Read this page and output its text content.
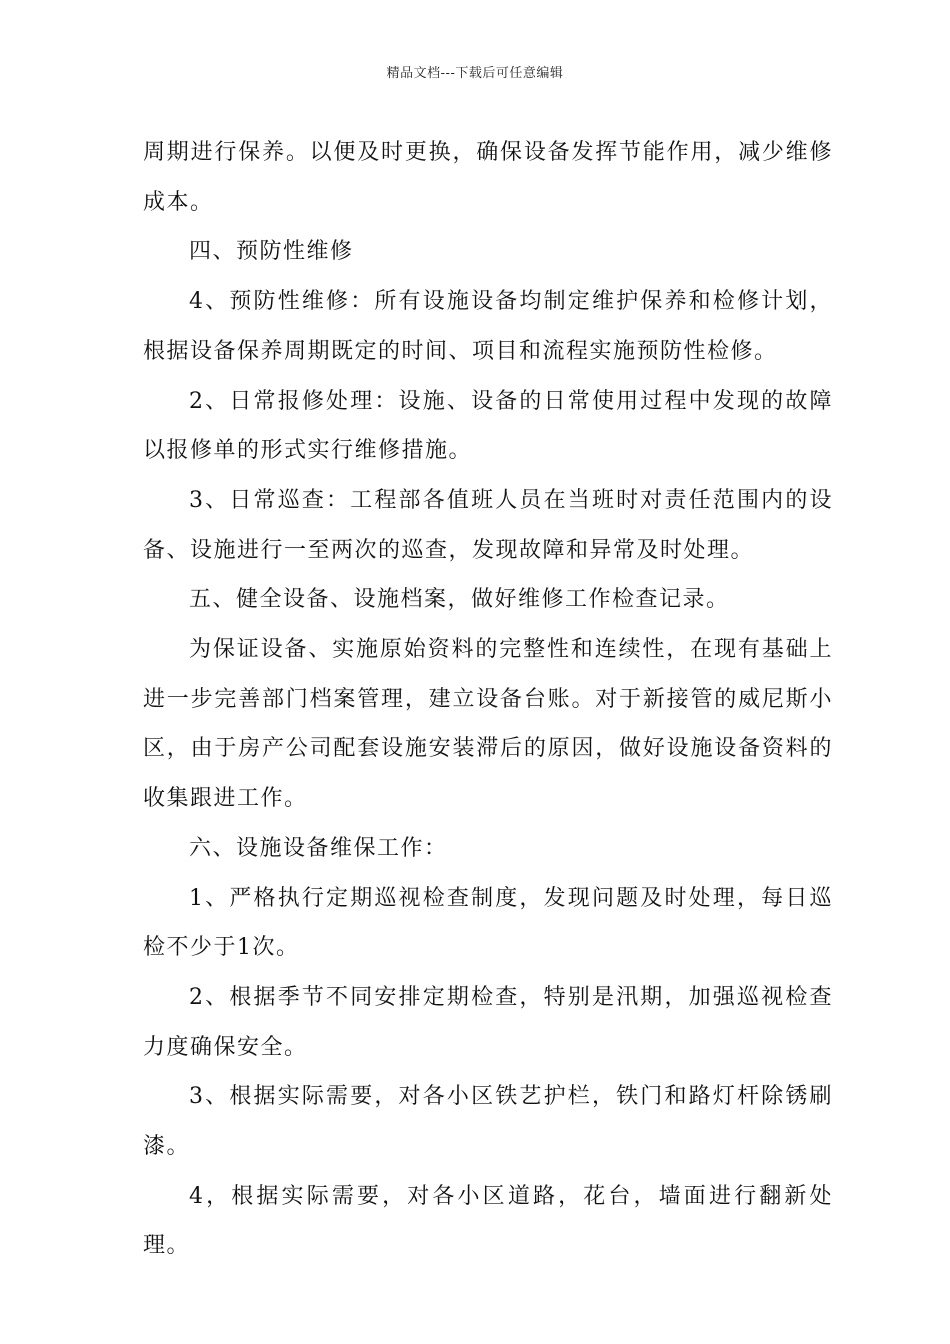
精品文档---下载后可任意编辑

周期进行保养。以便及时更换，确保设备发挥节能作用，减少维修成本。

四、预防性维修

4、预防性维修：所有设施设备均制定维护保养和检修计划，根据设备保养周期既定的时间、项目和流程实施预防性检修。

2、日常报修处理：设施、设备的日常使用过程中发现的故障以报修单的形式实行维修措施。

3、日常巡查：工程部各值班人员在当班时对责任范围内的设备、设施进行一至两次的巡查，发现故障和异常及时处理。

五、健全设备、设施档案，做好维修工作检查记录。

为保证设备、实施原始资料的完整性和连续性，在现有基础上进一步完善部门档案管理，建立设备台账。对于新接管的威尼斯小区，由于房产公司配套设施安装滞后的原因，做好设施设备资料的收集跟进工作。

六、设施设备维保工作：

1、严格执行定期巡视检查制度，发现问题及时处理，每日巡检不少于1次。

2、根据季节不同安排定期检查，特别是汛期，加强巡视检查力度确保安全。

3、根据实际需要，对各小区铁艺护栏，铁门和路灯杆除锈刷漆。

4，根据实际需要，对各小区道路，花台，墙面进行翻新处理。
